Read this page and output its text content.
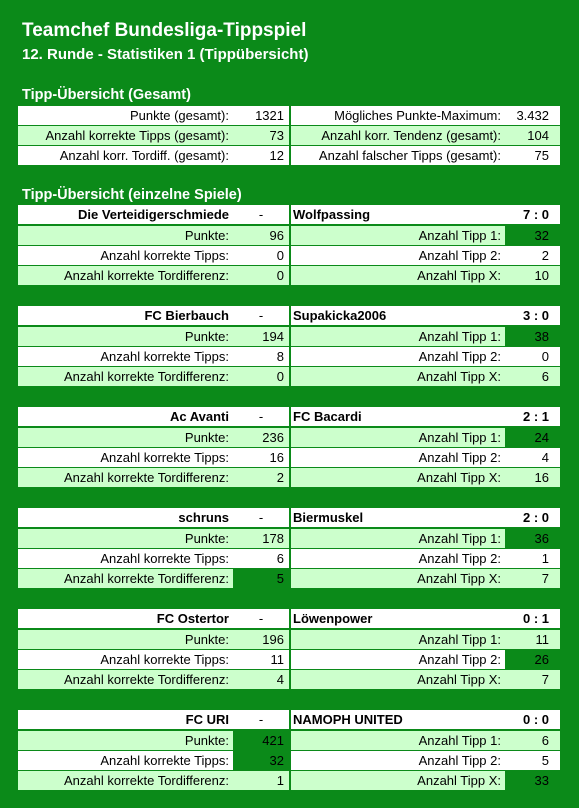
Teamchef Bundesliga-Tippspiel
12. Runde - Statistiken 1 (Tippübersicht)
Tipp-Übersicht (Gesamt)
Punkte (gesamt):	1321	Mögliches Punkte-Maximum:	3.432
Anzahl korrekte Tipps (gesamt):	73	Anzahl korr. Tendenz (gesamt):	104
Anzahl korr. Tordiff. (gesamt):	12	Anzahl falscher Tipps (gesamt):	75
Tipp-Übersicht (einzelne Spiele)
Die Verteidigerschmiede	-	Wolfpassing	7 : 0
Punkte:	96	Anzahl Tipp 1:	32
Anzahl korrekte Tipps:	0	Anzahl Tipp 2:	2
Anzahl korrekte Tordifferenz:	0	Anzahl Tipp X:	10
FC Bierbauch	-	Supakicka2006	3 : 0
Punkte:	194	Anzahl Tipp 1:	38
Anzahl korrekte Tipps:	8	Anzahl Tipp 2:	0
Anzahl korrekte Tordifferenz:	0	Anzahl Tipp X:	6
Ac Avanti	-	FC Bacardi	2 : 1
Punkte:	236	Anzahl Tipp 1:	24
Anzahl korrekte Tipps:	16	Anzahl Tipp 2:	4
Anzahl korrekte Tordifferenz:	2	Anzahl Tipp X:	16
schruns	-	Biermuskel	2 : 0
Punkte:	178	Anzahl Tipp 1:	36
Anzahl korrekte Tipps:	6	Anzahl Tipp 2:	1
Anzahl korrekte Tordifferenz:	5	Anzahl Tipp X:	7
FC Ostertor	-	Löwenpower	0 : 1
Punkte:	196	Anzahl Tipp 1:	11
Anzahl korrekte Tipps:	11	Anzahl Tipp 2:	26
Anzahl korrekte Tordifferenz:	4	Anzahl Tipp X:	7
FC URI	-	NAMOPH UNITED	0 : 0
Punkte:	421	Anzahl Tipp 1:	6
Anzahl korrekte Tipps:	32	Anzahl Tipp 2:	5
Anzahl korrekte Tordifferenz:	1	Anzahl Tipp X:	33
